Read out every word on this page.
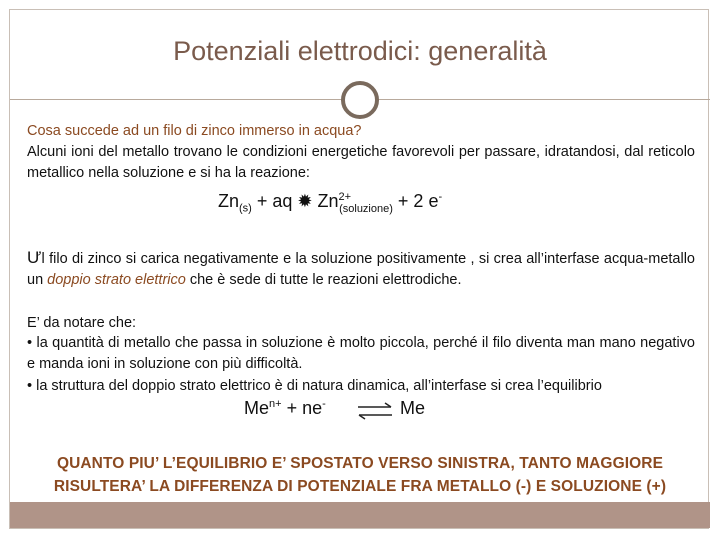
Potenziali elettrodici: generalità
Cosa succede ad un filo di zinco immerso in acqua?
Alcuni ioni del metallo trovano le condizioni energetiche favorevoli per passare, idratandosi, dal reticolo metallico nella soluzione e si ha la reazione:
$Zn_{(s)}$ + aq ✹ $Zn^{2+}_{(soluzione)} + 2$ e-
Ưl filo di zinco si carica negativamente e la soluzione positivamente , si crea all’interfase acqua-metallo un doppio strato elettrico che è sede di tutte le reazioni elettrodiche.
E’ da notare che:
• la quantità di metallo che passa in soluzione è molto piccola, perché il filo diventa man mano negativo e manda ioni in soluzione con più difficoltà.
• la struttura del doppio strato elettrico è di natura dinamica, all’interfase si crea l’equilibrio
$Me^{n+} + ne^-$ ⇌ Me
QUANTO PIU’ L’EQUILIBRIO E’ SPOSTATO VERSO SINISTRA, TANTO MAGGIORE
RISULTERA’ LA DIFFERENZA DI POTENZIALE FRA METALLO (-) E SOLUZIONE (+)
